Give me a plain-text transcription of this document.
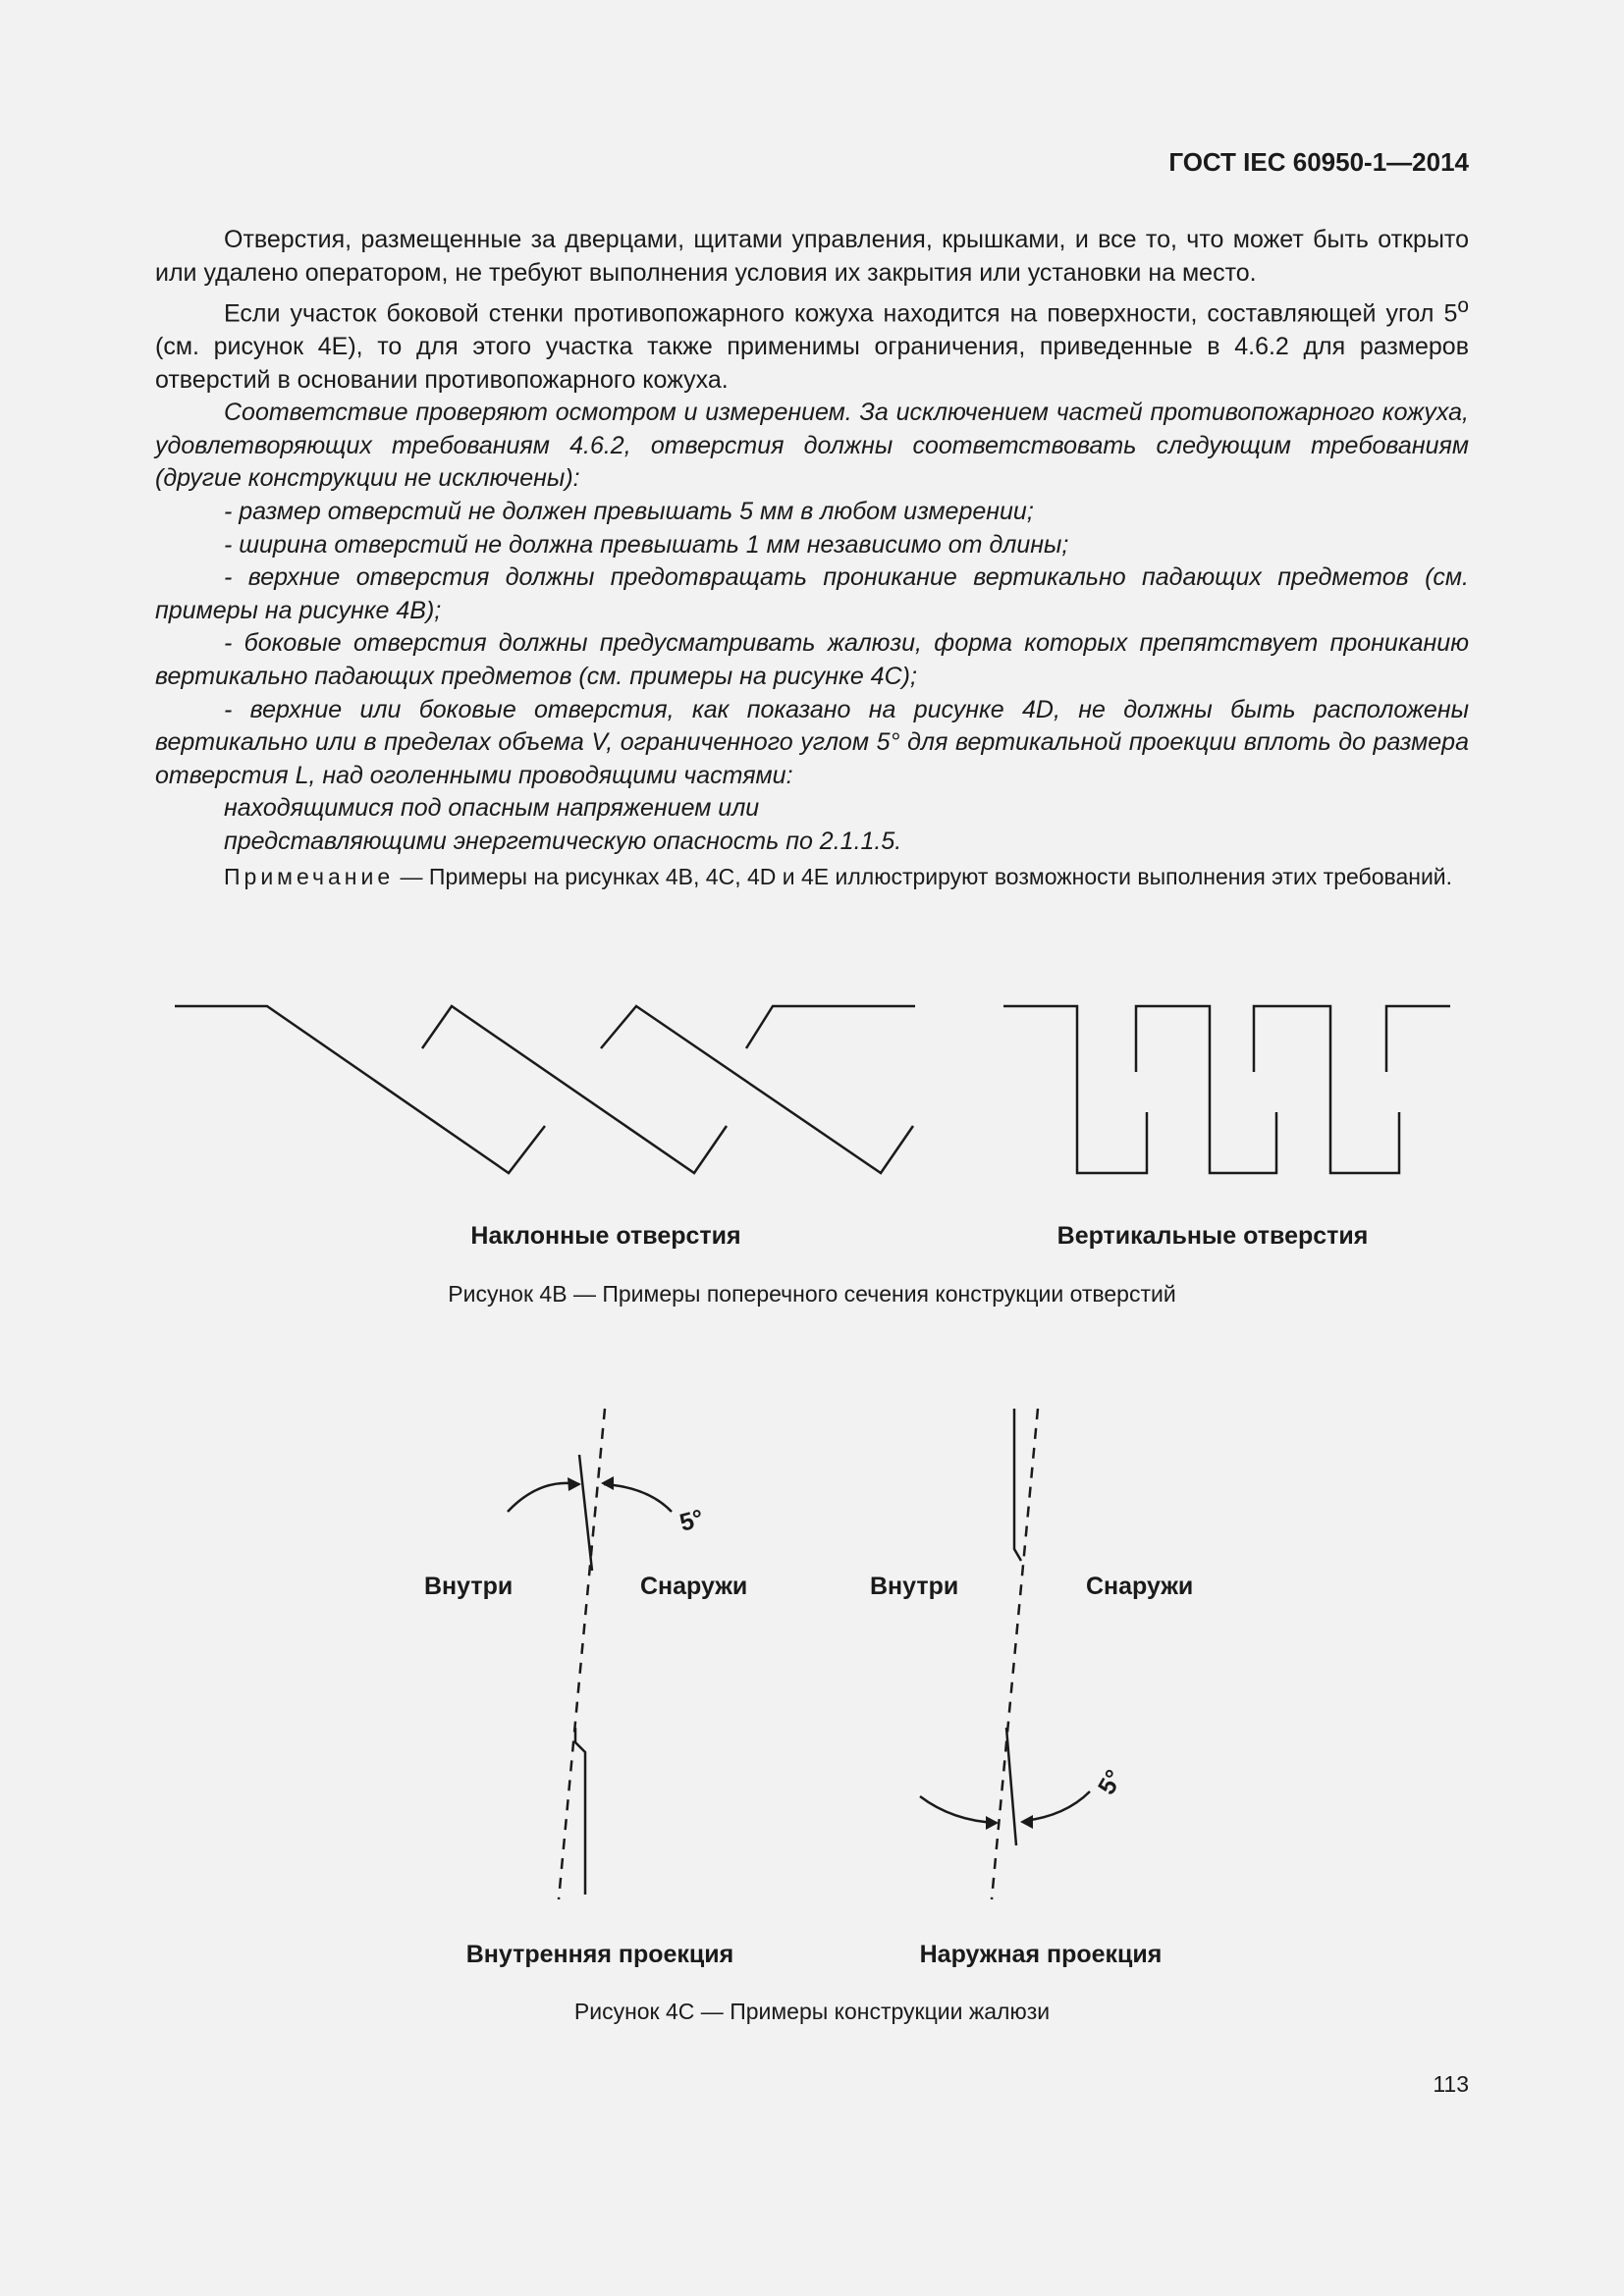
ГОСТ IEC 60950-1—2014

Отверстия, размещенные за дверцами, щитами управления, крышками, и все то, что может быть открыто или удалено оператором, не требуют выполнения условия их закрытия или установки на место.

Если участок боковой стенки противопожарного кожуха находится на поверхности, составляющей угол $5^о$ (см. рисунок 4E), то для этого участка также применимы ограничения, приведенные в 4.6.2 для размеров отверстий в основании противопожарного кожуха.

Соответствие проверяют осмотром и измерением. За исключением частей противопожарного кожуха, удовлетворяющих требованиям 4.6.2, отверстия должны соответствовать следующим требованиям (другие конструкции не исключены):

- размер отверстий не должен превышать 5 мм в любом измерении;

- ширина отверстий не должна превышать 1 мм независимо от длины;

- верхние отверстия должны предотвращать проникание вертикально падающих предметов (см. примеры на рисунке 4B);

- боковые отверстия должны предусматривать жалюзи, форма которых препятствует прониканию вертикально падающих предметов (см. примеры на рисунке 4C);

- верхние или боковые отверстия, как показано на рисунке 4D, не должны быть расположены вертикально или в пределах объема V, ограниченного углом 5° для вертикальной проекции вплоть до размера отверстия L, над оголенными проводящими частями:

находящимися под опасным напряжением или

представляющими энергетическую опасность по 2.1.1.5.

Примечание — Примеры на рисунках 4B, 4C, 4D и 4E иллюстрируют возможности выполнения этих требований.
Наклонные отверстия	Вертикальные отверстия
Рисунок 4B — Примеры поперечного сечения конструкции отверстий
5°
Внутри	Снаружи
5°
Внутри	Снаружи
Внутренняя проекция	Наружная проекция
Рисунок 4C — Примеры конструкции жалюзи
113
